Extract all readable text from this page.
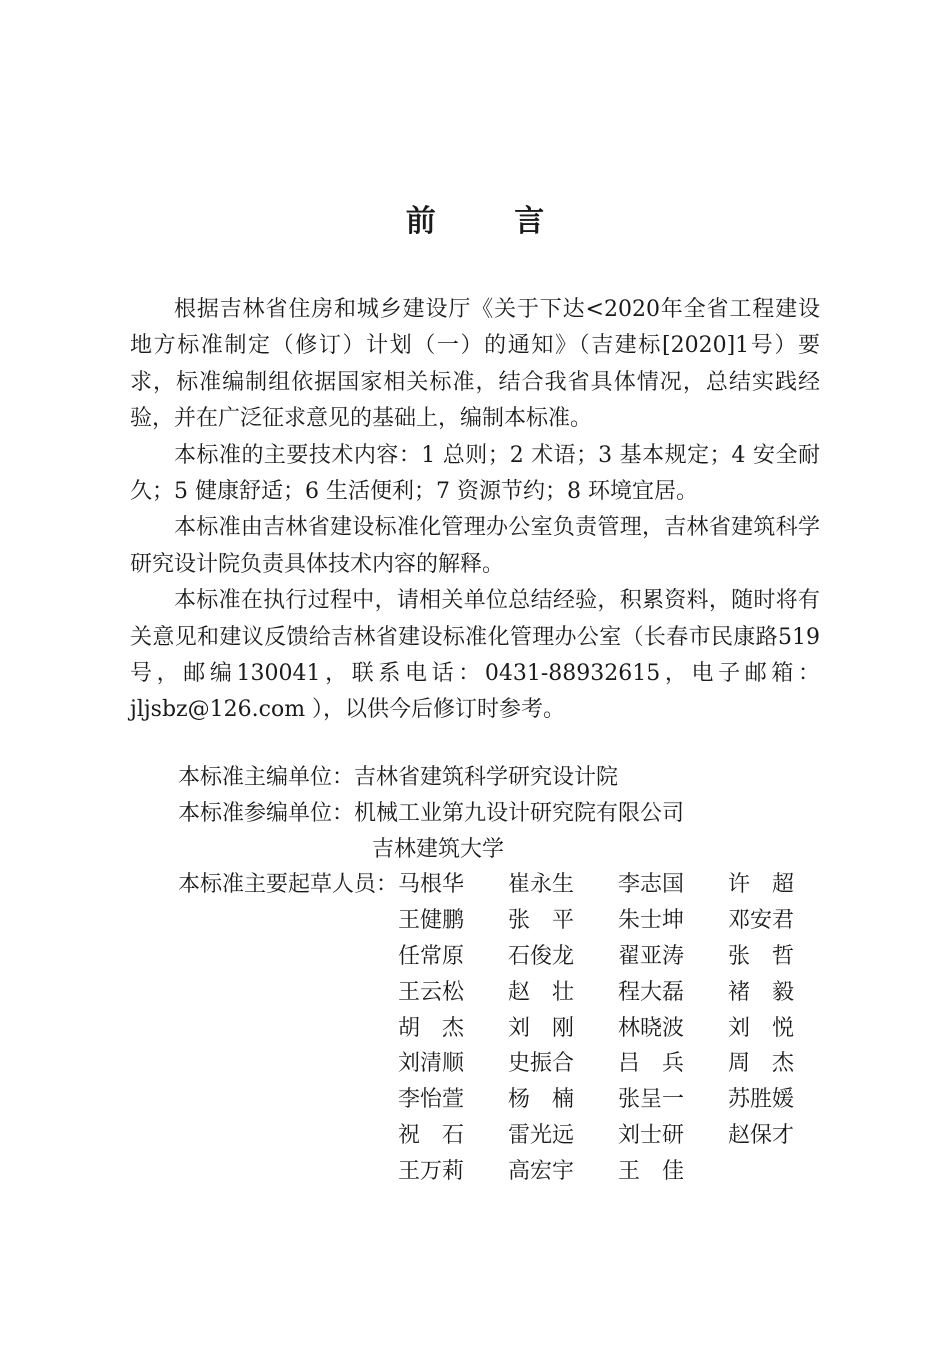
前 言

根据吉林省住房和城乡建设厅《关于下达<2020年全省工程建设地方标准制定（修订）计划（一）的通知》（吉建标[2020]1号）要求，标准编制组依据国家相关标准，结合我省具体情况，总结实践经验，并在广泛征求意见的基础上，编制本标准。

本标准的主要技术内容：1 总则；2 术语；3 基本规定；4 安全耐久；5 健康舒适；6 生活便利；7 资源节约；8 环境宜居。

本标准由吉林省建设标准化管理办公室负责管理，吉林省建筑科学研究设计院负责具体技术内容的解释。

本标准在执行过程中，请相关单位总结经验，积累资料，随时将有关意见和建议反馈给吉林省建设标准化管理办公室（长春市民康路519号，邮编130041，联系电话：0431-88932615，电子邮箱：jljsbz@126.com ），以供今后修订时参考。

本标准主编单位： 吉林省建筑科学研究设计院
本标准参编单位： 机械工业第九设计研究院有限公司
吉林建筑大学
本标准主要起草人员： 马根华	崔永生	李志国	许　超
王健鹏	张　平	朱士坤	邓安君
任常原	石俊龙	翟亚涛	张　哲
王云松	赵　壮	程大磊	褚　毅
胡　杰	刘　刚	林晓波	刘　悦
刘清顺	史振合	吕　兵	周　杰
李怡萱	杨　楠	张呈一	苏胜媛
祝　石	雷光远	刘士研	赵保才
王万莉	高宏宇	王　佳
